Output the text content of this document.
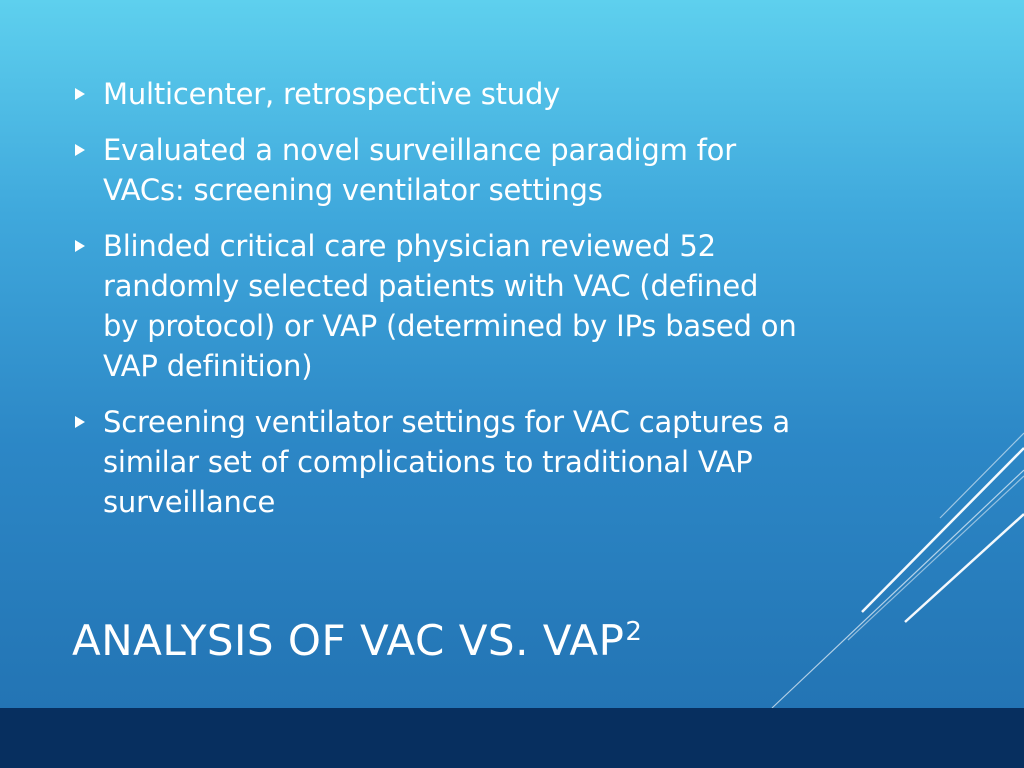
Multicenter, retrospective study
Evaluated a novel surveillance paradigm for VACs: screening ventilator settings
Blinded critical care physician reviewed 52 randomly selected patients with VAC (defined by protocol) or VAP (determined by IPs based on VAP definition)
Screening ventilator settings for VAC captures a similar set of complications to traditional VAP surveillance
ANALYSIS OF VAC VS. VAP$^2$
